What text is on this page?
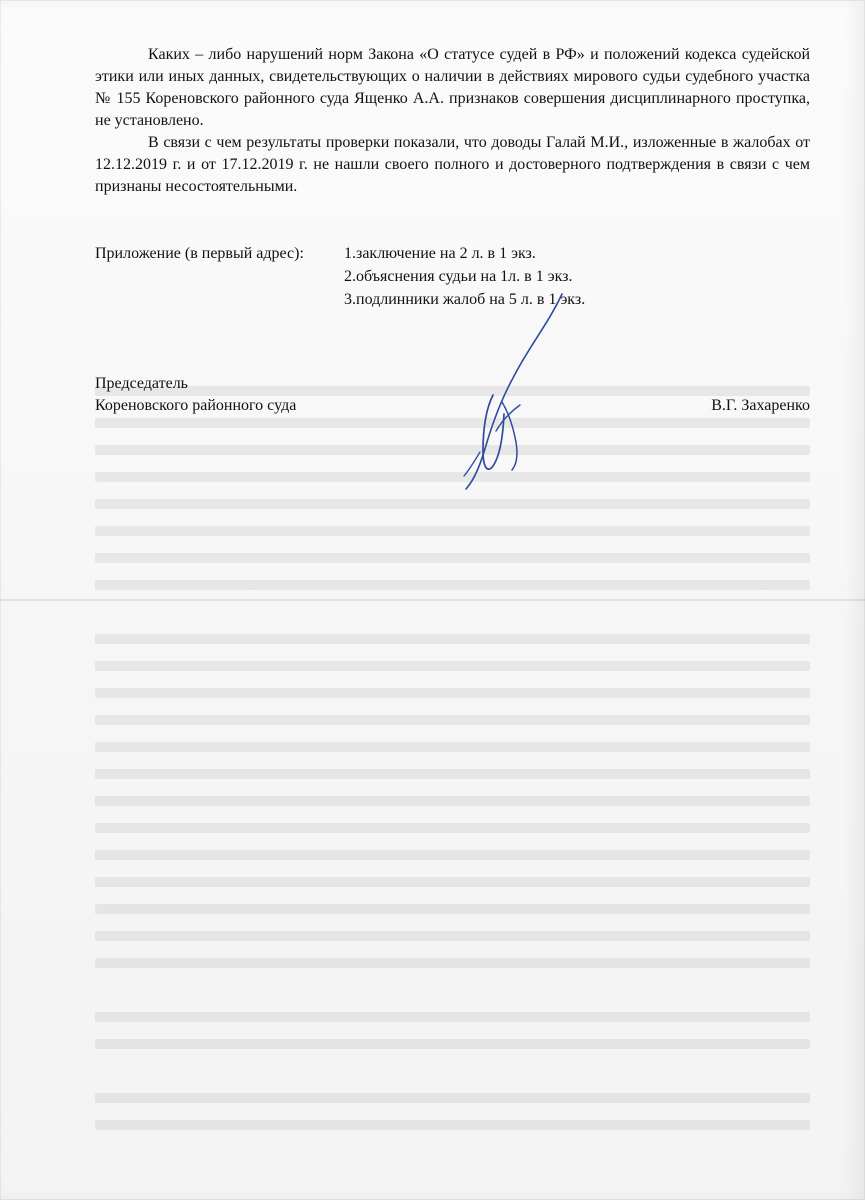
Каких – либо нарушений норм Закона «О статусе судей в РФ» и положений кодекса судейской этики или иных данных, свидетельствующих о наличии в действиях мирового судьи судебного участка № 155 Кореновского районного суда Ященко А.А. признаков совершения дисциплинарного проступка, не установлено.

В связи с чем результаты проверки показали, что доводы Галай М.И., изложенные в жалобах от 12.12.2019 г. и от 17.12.2019 г. не нашли своего полного и достоверного подтверждения в связи с чем признаны несостоятельными.

Приложение (в первый адрес):	1.заключение на 2 л. в 1 экз.
2.объяснения судьи на 1л. в 1 экз.
3.подлинники жалоб на 5 л. в 1 экз.
Председатель
Кореновского районного суда	В.Г. Захаренко
